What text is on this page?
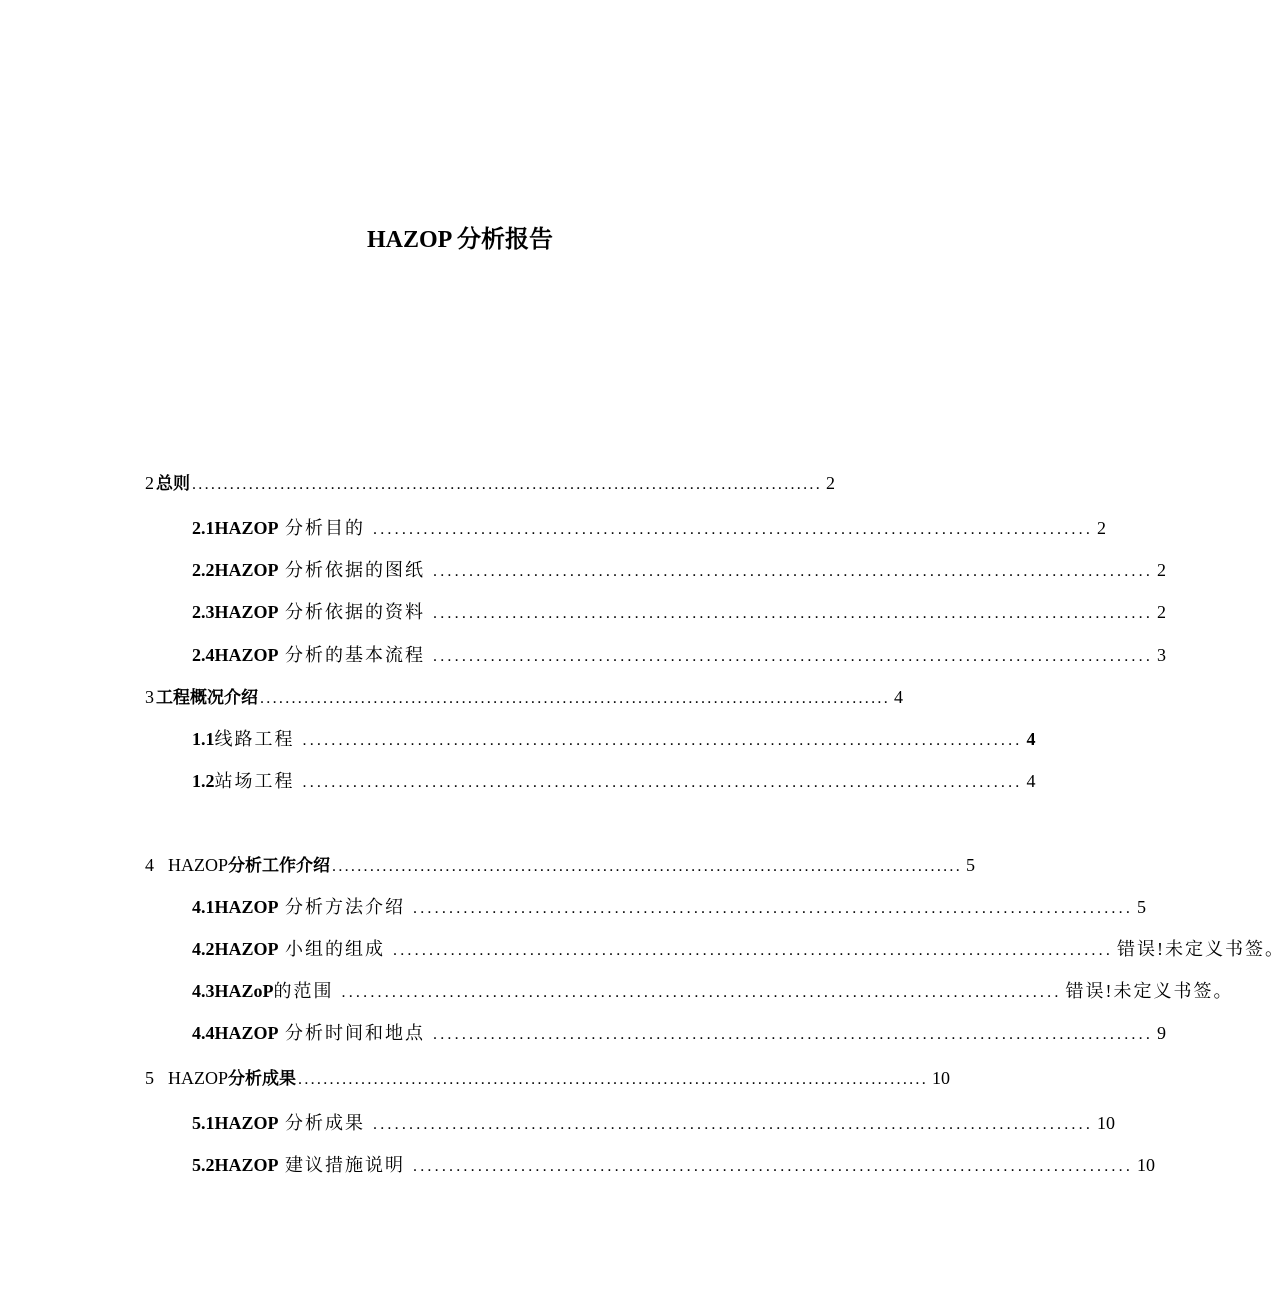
HAZOP 分析报告
2 总则 .................................................................................................... 2
2.1 HAZOP 分析目的 .................................................................................................... 2
2.2 HAZOP 分析依据的图纸 .................................................................................................... 2
2.3 HAZOP 分析依据的资料 .................................................................................................... 2
2.4 HAZOP 分析的基本流程 .................................................................................................... 3
3 工程概况介绍 .................................................................................................... 4
1.1 线路工程 .................................................................................................... 4
1.2 站场工程 .................................................................................................... 4
4 HAZOP 分析工作介绍 .................................................................................................... 5
4.1 HAZOP 分析方法介绍 .................................................................................................... 5
4.2 HAZOP 小组的组成 .................................................................................................... 错误!未定义书签。
4.3 HAZoP的范围 .................................................................................................... 错误!未定义书签。
4.4 HAZOP 分析时间和地点 .................................................................................................... 9
5 HAZOP 分析成果 .................................................................................................... 10
5.1 HAZOP 分析成果 .................................................................................................... 10
5.2 HAZOP 建议措施说明 .................................................................................................... 10
